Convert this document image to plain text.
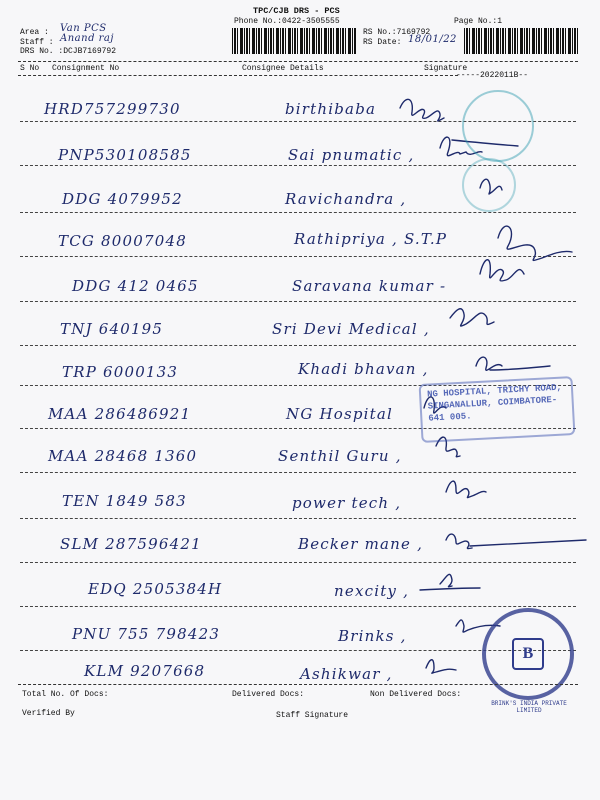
TPC/CJB DRS - PCS
Phone No.:0422-3505555	Page No.:1
Area : Van PCS
Staff : Anand raj
DRS No. :DCJB7169792
RS No.:7169792
RS Date: 18/01/22
S No Consignment No	Consignee Details	Signature
-----2022011B--
HRD757299730	birthibaba
PNP530108585	Sai pnumatic ,
DDG 4079952	Ravichandra ,
TCG 80007048	Rathipriya , S.T.P
DDG 412 0465	Saravana kumar -
TNJ 640195	Sri Devi Medical ,
TRP 6000133	Khadi bhavan ,
MAA 286486921	NG Hospital
MAA 28468 1360	Senthil Guru ,
TEN 1849 583	power tech ,
SLM 287596421	Becker mane ,
EDQ 2505384H	nexcity ,
PNU 755 798423	Brinks ,
KLM 9207668	Ashikwar ,
NG HOSPITAL, TRICHY ROAD, SINGANALLUR, COIMBATORE- 641 005.
B
BRINK'S INDIA PRIVATE LIMITED
Total No. Of Docs:	Delivered Docs:	Non Delivered Docs:
Verified By	Staff Signature
